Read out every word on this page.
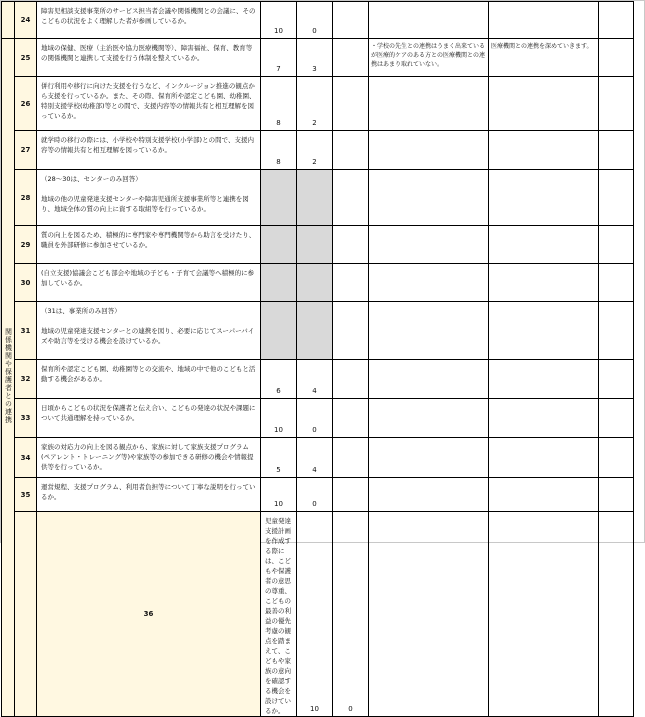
	24	障害児相談支援事業所のサービス担当者会議や関係機関との会議に、そのこどもの状況をよく理解した者が参画しているか。	10	0					

関係機関や保護者との連携	25	地域の保健、医療（主治医や協力医療機関等）、障害福祉、保育、教育等の関係機関と連携して支援を行う体制を整えているか。	7	3		・学校の先生との連携はうまく出来ているが医療的ケアのある方との医療機関との連携はあまり取れていない。	医療機関との連携を深めていきます。		
	26	併行利用や移行に向けた支援を行うなど、インクルージョン推進の観点から支援を行っているか。また、その際、保育所や認定こども園、幼稚園、特別支援学校(幼稚部)等との間で、支援内容等の情報共有と相互理解を図っているか。	8	2					

	27	就学時の移行の際には、小学校や特別支援学校(小学部)との間で、支援内容等の情報共有と相互理解を図っているか。	8	2					

	28	（28～30は、センターのみ回答）
地域の他の児童発達支援センターや障害児通所支援事業所等と連携を図り、地域全体の質の向上に資する取組等を行っているか。							
	29	質の向上を図るため、積極的に専門家や専門機関等から助言を受けたり、職員を外部研修に参加させているか。							
	30	(自立支援)協議会こども部会や地域の子ども・子育て会議等へ積極的に参加しているか。							
	31	（31は、事業所のみ回答）
地域の児童発達支援センターとの連携を図り、必要に応じてスーパーバイズや助言等を受ける機会を設けているか。							
	32	保育所や認定こども園、幼稚園等との交流や、地域の中で他のこどもと活動する機会があるか。	6	4					

	33	日頃からこどもの状況を保護者と伝え合い、こどもの発達の状況や課題について共通理解を持っているか。	10	0					

	34	家族の対応力の向上を図る観点から、家族に対して家族支援プログラム(ペアレント・トレーニング等)や家族等の参加できる研修の機会や情報提供等を行っているか。	5	4					

	35	運営規程、支援プログラム、利用者負担等について丁寧な説明を行っているか。	10	0					

		36	児童発達支援計画を作成する際には、こどもや保護者の意思の尊重、こどもの最善の利益の優先考慮の観点を踏まえて、こどもや家族の意向を確認する機会を設けているか。	10	0				
